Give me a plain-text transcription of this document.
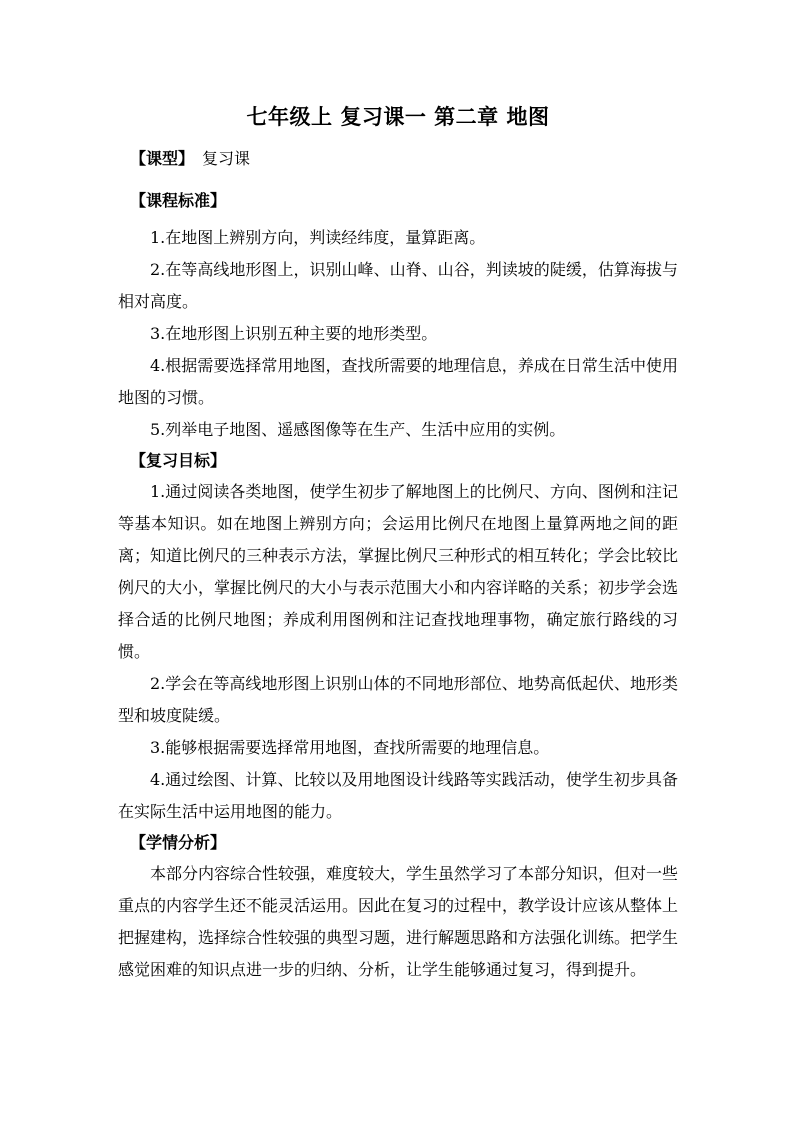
七年级上 复习课一 第二章 地图
【课型】 复习课
【课程标准】

1.在地图上辨别方向，判读经纬度，量算距离。

2.在等高线地形图上，识别山峰、山脊、山谷，判读坡的陡缓，估算海拔与相对高度。

3.在地形图上识别五种主要的地形类型。

4.根据需要选择常用地图，查找所需要的地理信息，养成在日常生活中使用地图的习惯。

5.列举电子地图、遥感图像等在生产、生活中应用的实例。

【复习目标】

1.通过阅读各类地图，使学生初步了解地图上的比例尺、方向、图例和注记等基本知识。如在地图上辨别方向；会运用比例尺在地图上量算两地之间的距离；知道比例尺的三种表示方法，掌握比例尺三种形式的相互转化；学会比较比例尺的大小，掌握比例尺的大小与表示范围大小和内容详略的关系；初步学会选择合适的比例尺地图；养成利用图例和注记查找地理事物，确定旅行路线的习惯。

2.学会在等高线地形图上识别山体的不同地形部位、地势高低起伏、地形类型和坡度陡缓。

3.能够根据需要选择常用地图，查找所需要的地理信息。

4.通过绘图、计算、比较以及用地图设计线路等实践活动，使学生初步具备在实际生活中运用地图的能力。

【学情分析】

本部分内容综合性较强，难度较大，学生虽然学习了本部分知识，但对一些重点的内容学生还不能灵活运用。因此在复习的过程中，教学设计应该从整体上把握建构，选择综合性较强的典型习题，进行解题思路和方法强化训练。把学生感觉困难的知识点进一步的归纳、分析，让学生能够通过复习，得到提升。
